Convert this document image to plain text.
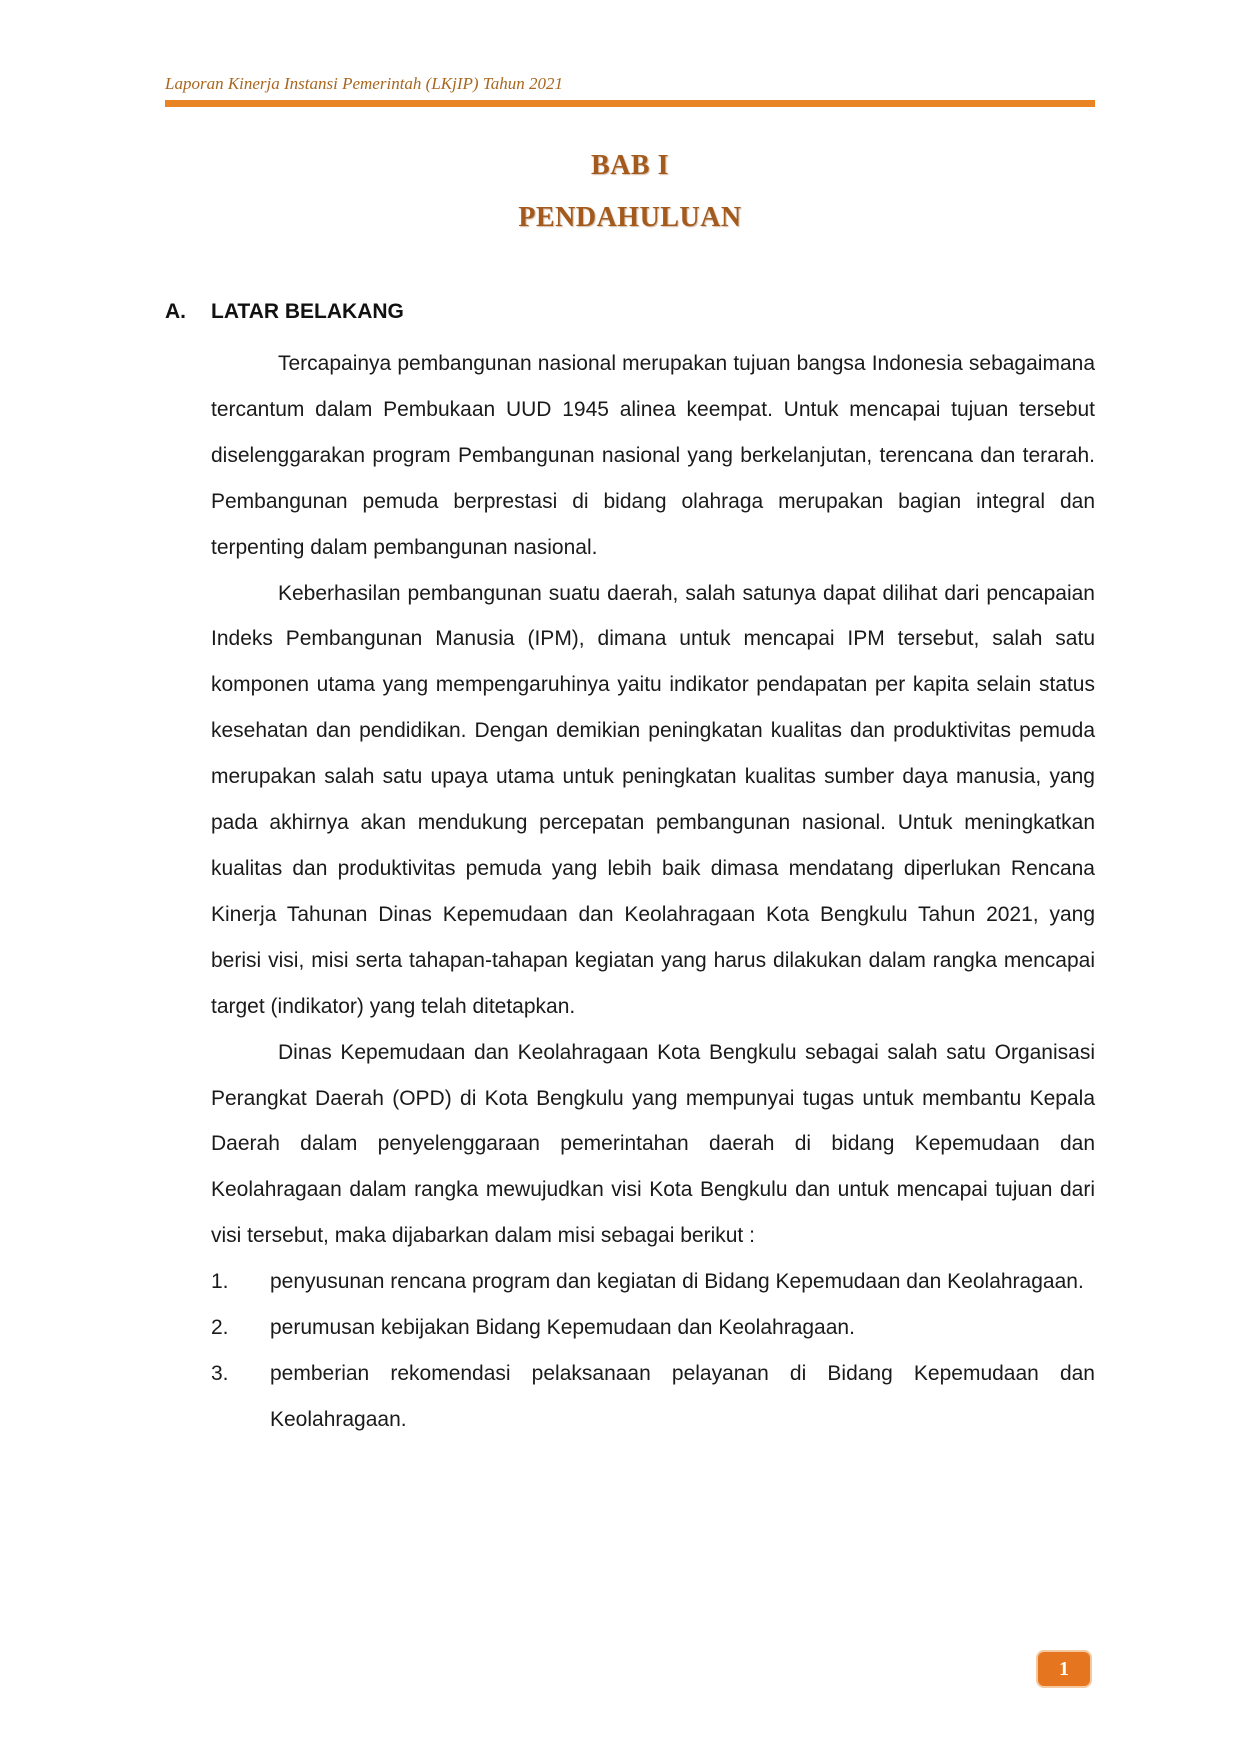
Laporan Kinerja Instansi Pemerintah (LKjIP) Tahun 2021
BAB I
PENDAHULUAN
A. LATAR BELAKANG

Tercapainya pembangunan nasional merupakan tujuan bangsa Indonesia sebagaimana tercantum dalam Pembukaan UUD 1945 alinea keempat. Untuk mencapai tujuan tersebut diselenggarakan program Pembangunan nasional yang berkelanjutan, terencana dan terarah. Pembangunan pemuda berprestasi di bidang olahraga merupakan bagian integral dan terpenting dalam pembangunan nasional.

Keberhasilan pembangunan suatu daerah, salah satunya dapat dilihat dari pencapaian Indeks Pembangunan Manusia (IPM), dimana untuk mencapai IPM tersebut, salah satu komponen utama yang mempengaruhinya yaitu indikator pendapatan per kapita selain status kesehatan dan pendidikan. Dengan demikian peningkatan kualitas dan produktivitas pemuda merupakan salah satu upaya utama untuk peningkatan kualitas sumber daya manusia, yang pada akhirnya akan mendukung percepatan pembangunan nasional. Untuk meningkatkan kualitas dan produktivitas pemuda yang lebih baik dimasa mendatang diperlukan Rencana Kinerja Tahunan Dinas Kepemudaan dan Keolahragaan Kota Bengkulu Tahun 2021, yang berisi visi, misi serta tahapan-tahapan kegiatan yang harus dilakukan dalam rangka mencapai target (indikator) yang telah ditetapkan.

Dinas Kepemudaan dan Keolahragaan Kota Bengkulu sebagai salah satu Organisasi Perangkat Daerah (OPD) di Kota Bengkulu yang mempunyai tugas untuk membantu Kepala Daerah dalam penyelenggaraan pemerintahan daerah di bidang Kepemudaan dan Keolahragaan dalam rangka mewujudkan visi Kota Bengkulu dan untuk mencapai tujuan dari visi tersebut, maka dijabarkan dalam misi sebagai berikut :

1. penyusunan rencana program dan kegiatan di Bidang Kepemudaan dan Keolahragaan.
2. perumusan kebijakan Bidang Kepemudaan dan Keolahragaan.
3. pemberian rekomendasi pelaksanaan pelayanan di Bidang Kepemudaan dan Keolahragaan.
1
